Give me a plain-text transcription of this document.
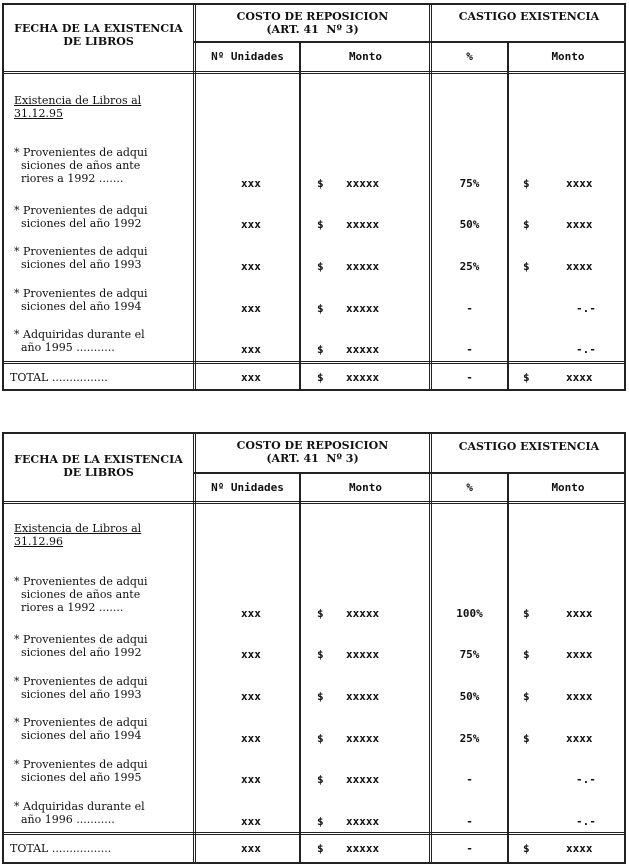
FECHA DE LA EXISTENCIA
DE LIBROS
COSTO DE REPOSICION
(ART. 41  Nº 3)
CASTIGO EXISTENCIA
Nº Unidades	Monto	%	Monto
Existencia de Libros al
31.12.95
* Provenientes de adqui
siciones de años ante
riores a 1992 .......	xxx	$ xxxxx	75%	$	xxxx
* Provenientes de adqui
siciones del año 1992	xxx	$ xxxxx	50%	$	xxxx
* Provenientes de adqui
siciones del año 1993	xxx	$ xxxxx	25%	$	xxxx
* Provenientes de adqui
siciones del año 1994	xxx	$ xxxxx	-	-.-
* Adquiridas durante el
año 1995 ...........	xxx	$ xxxxx	-	-.-
TOTAL ................	xxx	$ xxxxx	-	$	xxxx
FECHA DE LA EXISTENCIA
DE LIBROS
COSTO DE REPOSICION
(ART. 41  Nº 3)
CASTIGO EXISTENCIA
Nº Unidades	Monto	%	Monto
Existencia de Libros al
31.12.96
* Provenientes de adqui
siciones de años ante
riores a 1992 .......	xxx	$ xxxxx	100%	$	xxxx
* Provenientes de adqui
siciones del año 1992	xxx	$ xxxxx	75%	$	xxxx
* Provenientes de adqui
siciones del año 1993	xxx	$ xxxxx	50%	$	xxxx
* Provenientes de adqui
siciones del año 1994	xxx	$ xxxxx	25%	$	xxxx
* Provenientes de adqui
siciones del año 1995	xxx	$ xxxxx	-	-.-
* Adquiridas durante el
año 1996 ...........	xxx	$ xxxxx	-	-.-
TOTAL .................	xxx	$ xxxxx	-	$	xxxx
